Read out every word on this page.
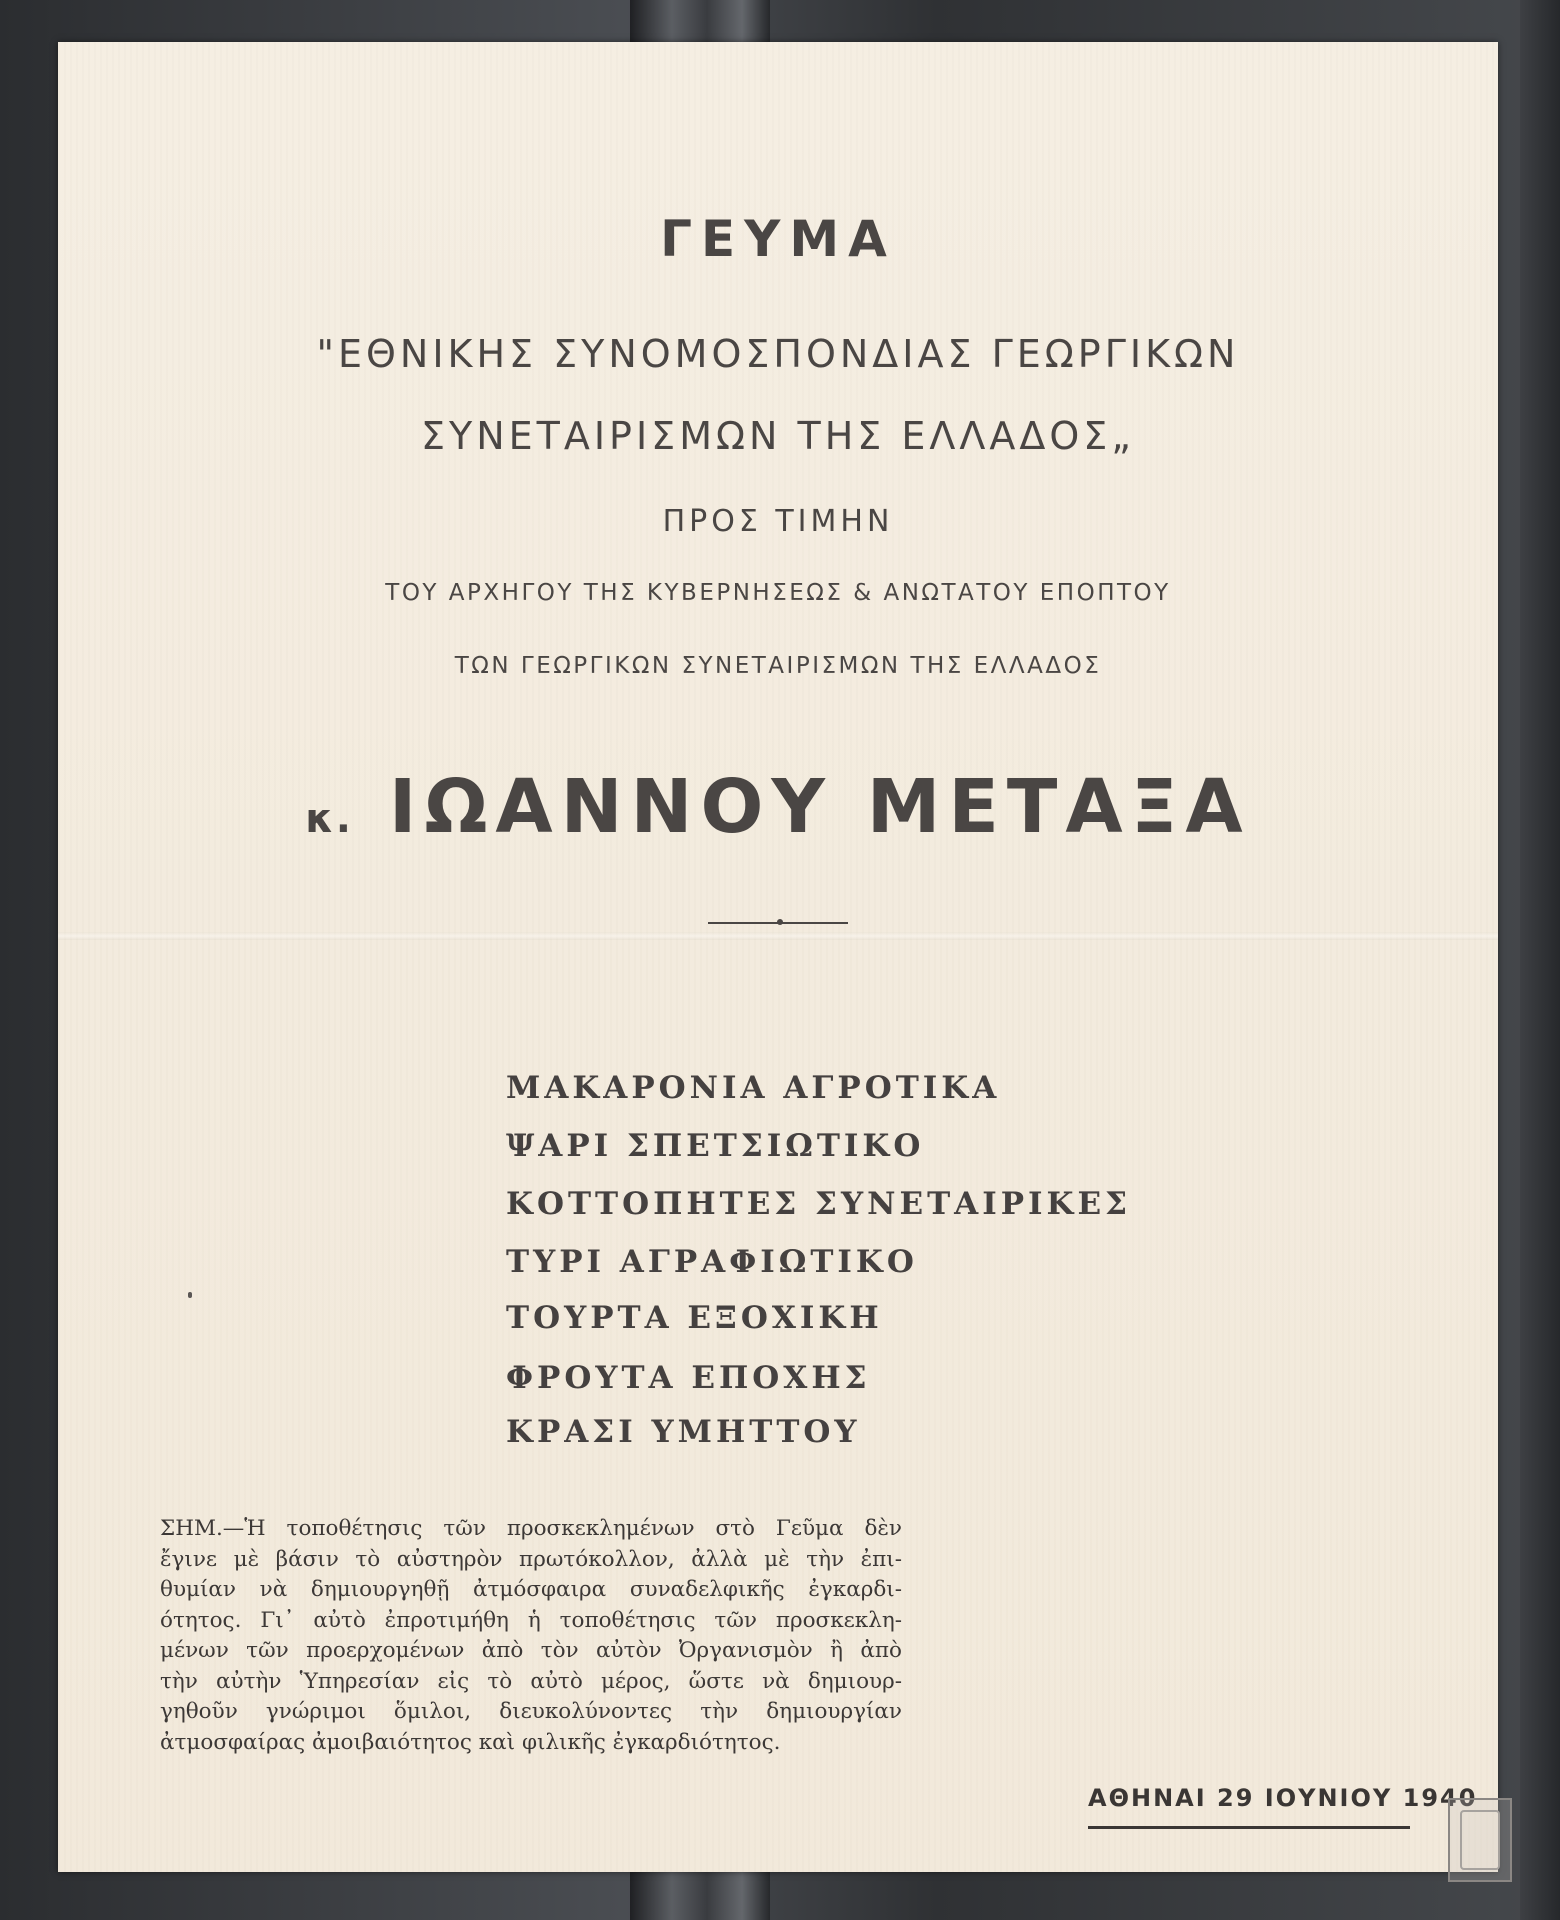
ΓΕΥΜΑ
"ΕΘΝΙΚΗΣ ΣΥΝΟΜΟΣΠΟΝΔΙΑΣ ΓΕΩΡΓΙΚΩΝ
ΣΥΝΕΤΑΙΡΙΣΜΩΝ ΤΗΣ ΕΛΛΑΔΟΣ„
ΠΡΟΣ ΤΙΜΗΝ
ΤΟΥ ΑΡΧΗΓΟΥ ΤΗΣ ΚΥΒΕΡΝΗΣΕΩΣ & ΑΝΩΤΑΤΟΥ ΕΠΟΠΤΟΥ
ΤΩΝ ΓΕΩΡΓΙΚΩΝ ΣΥΝΕΤΑΙΡΙΣΜΩΝ ΤΗΣ ΕΛΛΑΔΟΣ
κ. ΙΩΑΝΝΟΥ ΜΕΤΑΞΑ
ΜΑΚΑΡΟΝΙΑ ΑΓΡΟΤΙΚΑ
ΨΑΡΙ ΣΠΕΤΣΙΩΤΙΚΟ
ΚΟΤΤΟΠΗΤΕΣ ΣΥΝΕΤΑΙΡΙΚΕΣ
ΤΥΡΙ ΑΓΡΑΦΙΩΤΙΚΟ
ΤΟΥΡΤΑ ΕΞΟΧΙΚΗ
ΦΡΟΥΤΑ ΕΠΟΧΗΣ
ΚΡΑΣΙ ΥΜΗΤΤΟΥ
ΣΗΜ.—Ἡ τοποθέτησις τῶν προσκεκλημένων στὸ Γεῦμα δὲν
ἔγινε μὲ βάσιν τὸ αὐστηρὸν πρωτόκολλον, ἀλλὰ μὲ τὴν ἐπι-
θυμίαν νὰ δημιουργηθῇ ἀτμόσφαιρα συναδελφικῆς ἐγκαρδι-
ότητος. Γι᾽ αὐτὸ ἐπροτιμήθη ἡ τοποθέτησις τῶν προσκεκλη-
μένων τῶν προερχομένων ἀπὸ τὸν αὐτὸν Ὀργανισμὸν ἢ ἀπὸ
τὴν αὐτὴν Ὑπηρεσίαν εἰς τὸ αὐτὸ μέρος, ὥστε νὰ δημιουρ-
γηθοῦν γνώριμοι ὅμιλοι, διευκολύνοντες τὴν δημιουργίαν
ἀτμοσφαίρας ἀμοιβαιότητος καὶ φιλικῆς ἐγκαρδιότητος.
ΑΘΗΝΑΙ 29 ΙΟΥΝΙΟΥ 1940
